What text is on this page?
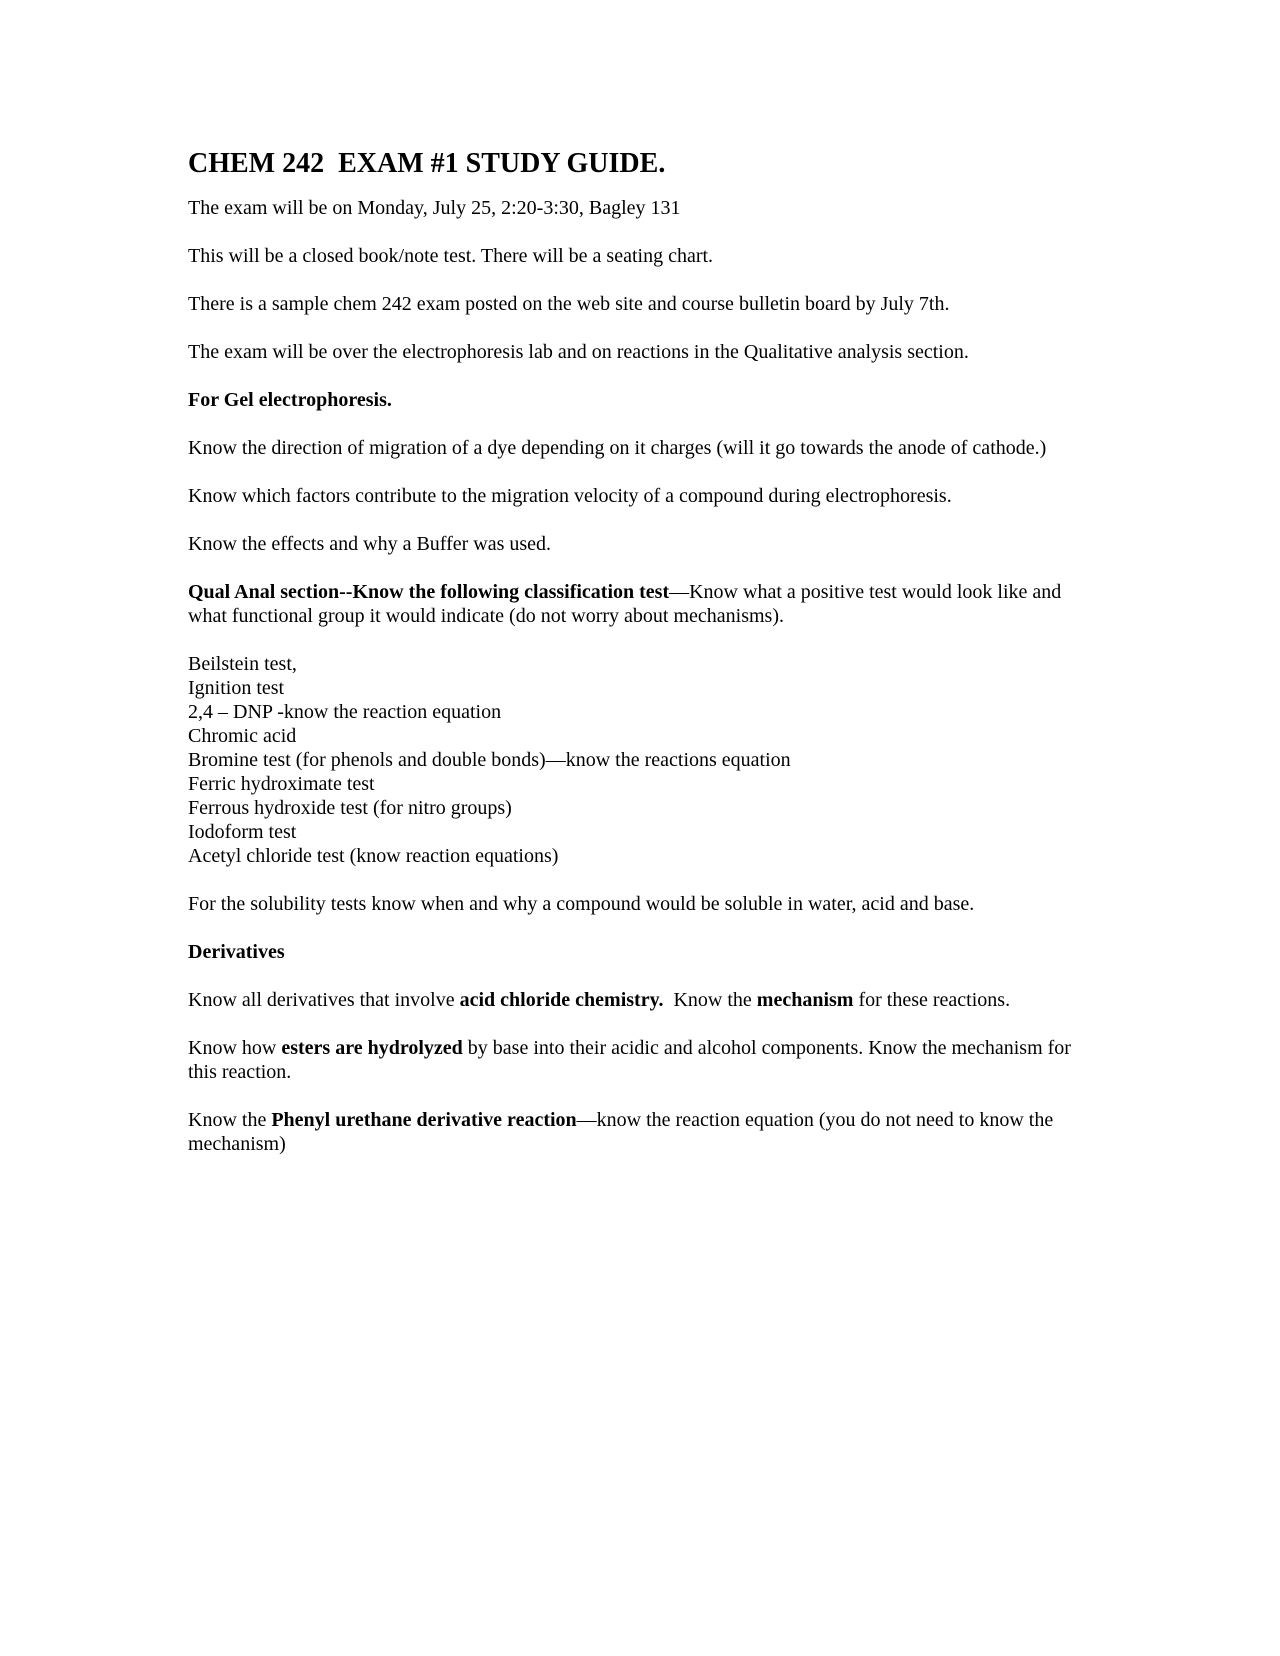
CHEM 242  EXAM #1 STUDY GUIDE.

The exam will be on Monday, July 25, 2:20-3:30, Bagley 131

This will be a closed book/note test. There will be a seating chart.

There is a sample chem 242 exam posted on the web site and course bulletin board by July 7th.

The exam will be over the electrophoresis lab and on reactions in the Qualitative analysis section.

For Gel electrophoresis.

Know the direction of migration of a dye depending on it charges (will it go towards the anode of cathode.)

Know which factors contribute to the migration velocity of a compound during electrophoresis.

Know the effects and why a Buffer was used.

Qual Anal section--Know the following classification test—Know what a positive test would look like and what functional group it would indicate (do not worry about mechanisms).

Beilstein test,
Ignition test
2,4 – DNP -know the reaction equation
Chromic acid
Bromine test (for phenols and double bonds)—know the reactions equation
Ferric hydroximate test
Ferrous hydroxide test (for nitro groups)
Iodoform test
Acetyl chloride test (know reaction equations)

For the solubility tests know when and why a compound would be soluble in water, acid and base.

Derivatives

Know all derivatives that involve acid chloride chemistry.  Know the mechanism for these reactions.

Know how esters are hydrolyzed by base into their acidic and alcohol components. Know the mechanism for this reaction.

Know the Phenyl urethane derivative reaction—know the reaction equation (you do not need to know the mechanism)
